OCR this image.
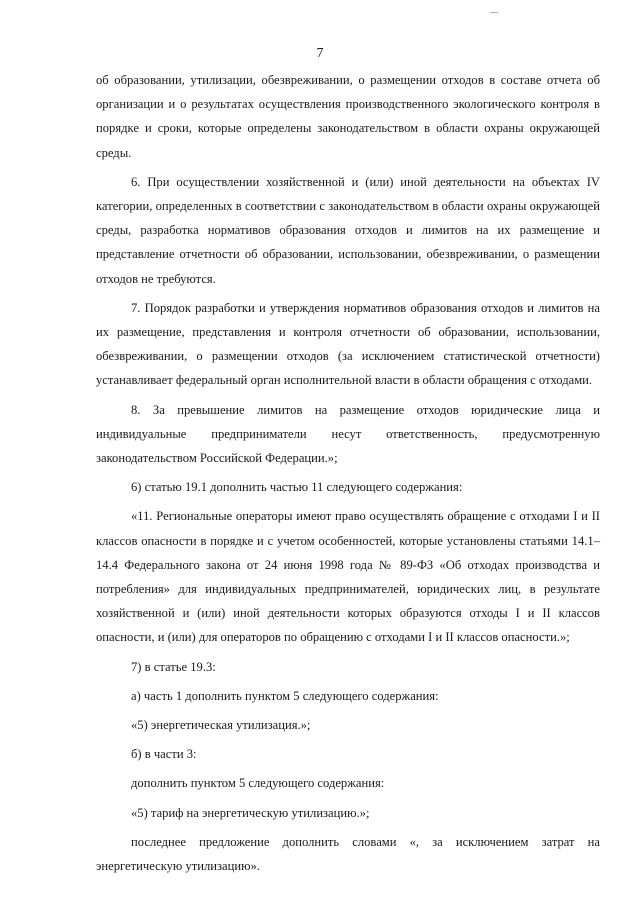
7

об образовании, утилизации, обезвреживании, о размещении отходов в составе отчета об организации и о результатах осуществления производственного экологического контроля в порядке и сроки, которые определены законодательством в области охраны окружающей среды.

6. При осуществлении хозяйственной и (или) иной деятельности на объектах IV категории, определенных в соответствии с законодательством в области охраны окружающей среды, разработка нормативов образования отходов и лимитов на их размещение и представление отчетности об образовании, использовании, обезвреживании, о размещении отходов не требуются.

7. Порядок разработки и утверждения нормативов образования отходов и лимитов на их размещение, представления и контроля отчетности об образовании, использовании, обезвреживании, о размещении отходов (за исключением статистической отчетности) устанавливает федеральный орган исполнительной власти в области обращения с отходами.

8. За превышение лимитов на размещение отходов юридические лица и индивидуальные предприниматели несут ответственность, предусмотренную законодательством Российской Федерации.»;

6) статью 19.1 дополнить частью 11 следующего содержания:

«11. Региональные операторы имеют право осуществлять обращение с отходами I и II классов опасности в порядке и с учетом особенностей, которые установлены статьями 14.1–14.4 Федерального закона от 24 июня 1998 года № 89-ФЗ «Об отходах производства и потребления» для индивидуальных предпринимателей, юридических лиц, в результате хозяйственной и (или) иной деятельности которых образуются отходы I и II классов опасности, и (или) для операторов по обращению с отходами I и II классов опасности.»;

7) в статье 19.3:

а) часть 1 дополнить пунктом 5 следующего содержания:

«5) энергетическая утилизация.»;

б) в части 3:

дополнить пунктом 5 следующего содержания:

«5) тариф на энергетическую утилизацию.»;

последнее предложение дополнить словами «, за исключением затрат на энергетическую утилизацию».
